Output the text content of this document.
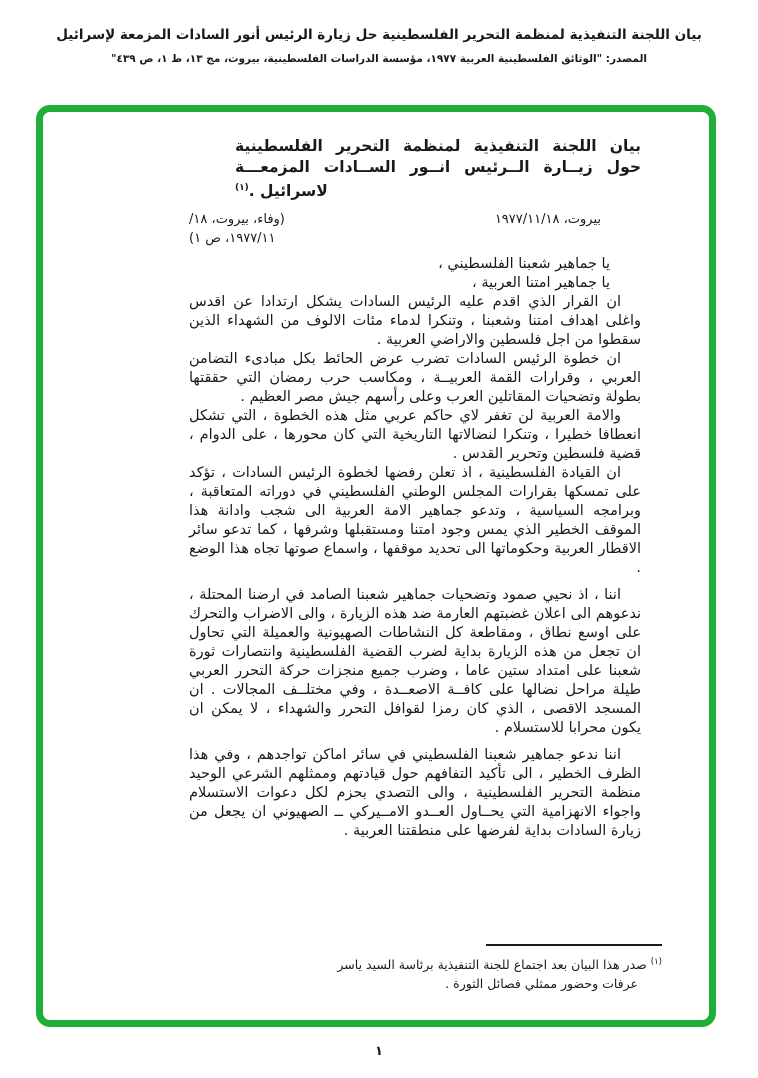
بيان اللجنة التنفيذية لمنظمة التحرير الفلسطينية حل زيارة الرئيس أنور السادات المزمعة لإسرائيل
المصدر: "الوثائق الفلسطينية العربية ١٩٧٧، مؤسسة الدراسات الفلسطينية، بيروت، مج ١٣، ط ١، ص ٤٣٩"
بيان اللجنة التنفيذية لمنظمة التحرير الفلسطينية
حول زيــارة الــرئيس انــور الســادات المزمعـــة
لاسرائيل .$^{(١)}$
بيروت، ١٩٧٧/١١/١٨
(وفاء، بيروت، ١٨/
١٩٧٧/١١، ص ١)
يا جماهير شعبنا الفلسطيني ،
يا جماهير امتنا العربية ،

ان القرار الذي اقدم عليه الرئيس السادات يشكل ارتدادا عن اقدس واغلى اهداف امتنا وشعبنا ، وتنكرا لدماء مئات الالوف من الشهداء الذين سقطوا من اجل فلسطين والاراضي العربية .

ان خطوة الرئيس السادات تضرب عرض الحائط بكل مبادىء التضامن العربي ، وقرارات القمة العربيــة ، ومكاسب حرب رمضان التي حققتها بطولة وتضحيات المقاتلين العرب وعلى رأسهم جيش مصر العظيم .

والامة العربية لن تغفر لاي حاكم عربي مثل هذه الخطوة ، التي تشكل انعطافا خطيرا ، وتنكرا لنضالاتها التاريخية التي كان محورها ، على الدوام ، قضية فلسطين وتحرير القدس .

ان القيادة الفلسطينية ، اذ تعلن رفضها لخطوة الرئيس السادات ، تؤكد على تمسكها بقرارات المجلس الوطني الفلسطيني في دوراته المتعاقبة ، وبرامجه السياسية ، وتدعو جماهير الامة العربية الى شجب وادانة هذا الموقف الخطير الذي يمس وجود امتنا ومستقبلها وشرفها ، كما تدعو سائر الاقطار العربية وحكوماتها الى تحديد موقفها ، واسماع صوتها تجاه هذا الوضع .

اننا ، اذ نحيي صمود وتضحيات جماهير شعبنا الصامد في ارضنا المحتلة ، ندعوهم الى اعلان غضبتهم العارمة ضد هذه الزيارة ، والى الاضراب والتحرك على اوسع نطاق ، ومقاطعة كل النشاطات الصهيونية والعميلة التي تحاول ان تجعل من هذه الزيارة بداية لضرب القضية الفلسطينية وانتصارات ثورة شعبنا على امتداد ستين عاما ، وضرب جميع منجزات حركة التحرر العربي طيلة مراحل نضالها على كافــة الاصعــدة ، وفي مختلــف المجالات . ان المسجد الاقصى ، الذي كان رمزا لقوافل التحرر والشهداء ، لا يمكن ان يكون محرابا للاستسلام .

اننا ندعو جماهير شعبنا الفلسطيني في سائر اماكن تواجدهم ، وفي هذا الظرف الخطير ، الى تأكيد التفافهم حول قيادتهم وممثلهم الشرعي الوحيد منظمة التحرير الفلسطينية ، والى التصدي بحزم لكل دعوات الاستسلام واجواء الانهزامية التي يحــاول العــدو الامــيركي ــ الصهيوني ان يجعل من زيارة السادات بداية لفرضها على منطقتنا العربية .

$^{(١)}$ صدر هذا البيان بعد اجتماع للجنة التنفيذية برئاسة السيد ياسر عرفات وحضور ممثلي فصائل الثورة .
١
